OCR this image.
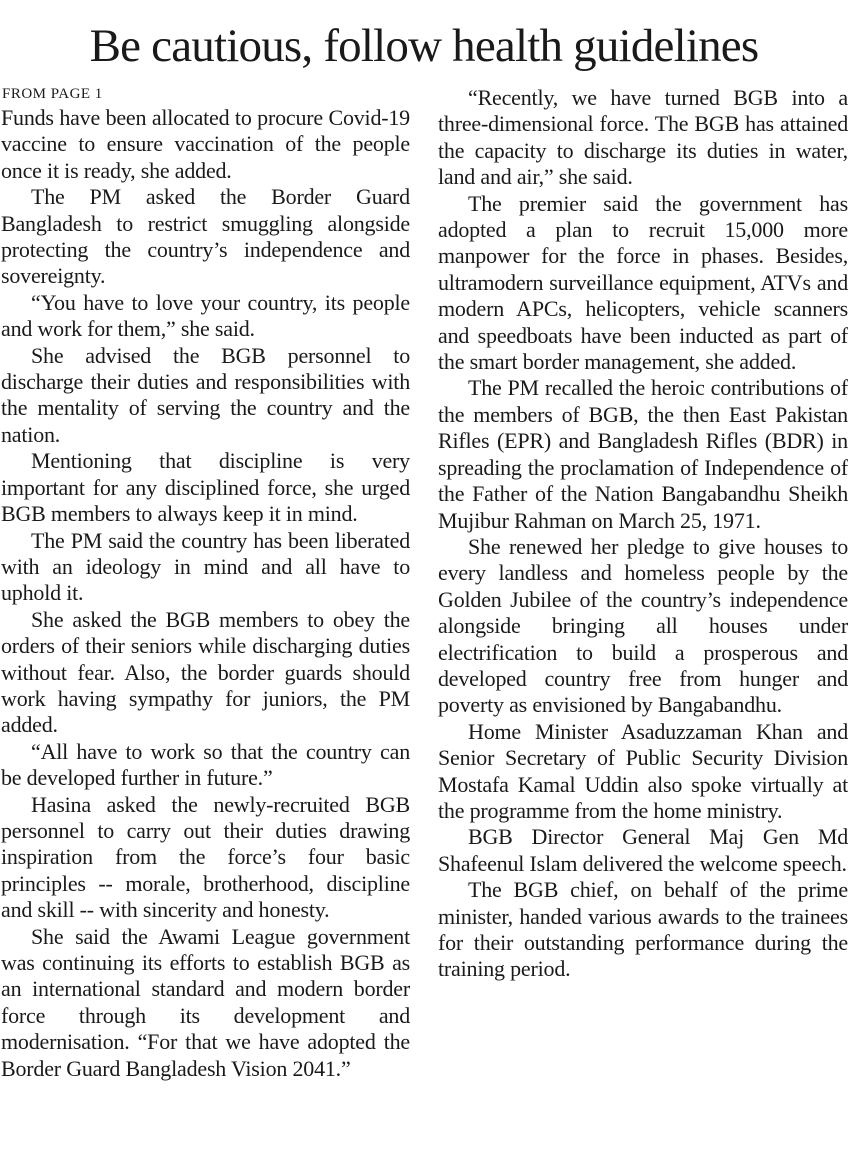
Be cautious, follow health guidelines
FROM PAGE 1

Funds have been allocated to procure Covid-19 vaccine to ensure vaccination of the people once it is ready, she added.

The PM asked the Border Guard Bangladesh to restrict smuggling alongside protecting the country’s independence and sovereignty.

“You have to love your country, its people and work for them,” she said.

She advised the BGB personnel to discharge their duties and responsibilities with the mentality of serving the country and the nation.

Mentioning that discipline is very important for any disciplined force, she urged BGB members to always keep it in mind.

The PM said the country has been liberated with an ideology in mind and all have to uphold it.

She asked the BGB members to obey the orders of their seniors while discharging duties without fear. Also, the border guards should work having sympathy for juniors, the PM added.

“All have to work so that the country can be developed further in future.”

Hasina asked the newly-recruited BGB personnel to carry out their duties drawing inspiration from the force’s four basic principles -- morale, brotherhood, discipline and skill -- with sincerity and honesty.

She said the Awami League government was continuing its efforts to establish BGB as an international standard and modern border force through its development and modernisation. “For that we have adopted the Border Guard Bangladesh Vision 2041.”

“Recently, we have turned BGB into a three-dimensional force. The BGB has attained the capacity to discharge its duties in water, land and air,” she said.

The premier said the government has adopted a plan to recruit 15,000 more manpower for the force in phases. Besides, ultramodern surveillance equipment, ATVs and modern APCs, helicopters, vehicle scanners and speedboats have been inducted as part of the smart border management, she added.

The PM recalled the heroic contributions of the members of BGB, the then East Pakistan Rifles (EPR) and Bangladesh Rifles (BDR) in spreading the proclamation of Independence of the Father of the Nation Bangabandhu Sheikh Mujibur Rahman on March 25, 1971.

She renewed her pledge to give houses to every landless and homeless people by the Golden Jubilee of the country’s independence alongside bringing all houses under electrification to build a prosperous and developed country free from hunger and poverty as envisioned by Bangabandhu.

Home Minister Asaduzzaman Khan and Senior Secretary of Public Security Division Mostafa Kamal Uddin also spoke virtually at the programme from the home ministry.

BGB Director General Maj Gen Md Shafeenul Islam delivered the welcome speech.

The BGB chief, on behalf of the prime minister, handed various awards to the trainees for their outstanding performance during the training period.
